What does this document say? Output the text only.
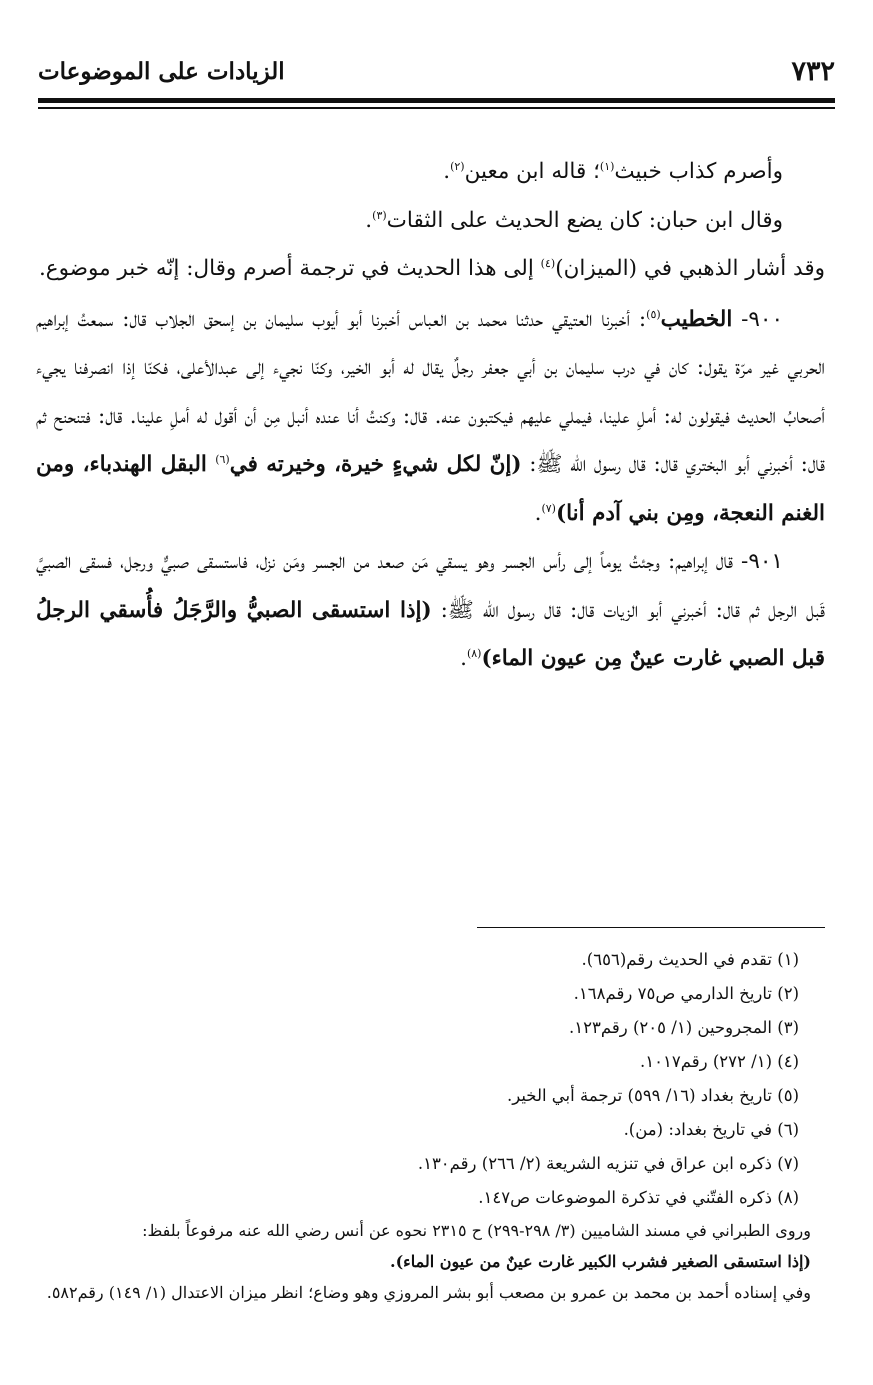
٧٣٢
الزيادات على الموضوعات

وأصرم كذاب خبيث$^{(١)}$؛ قاله ابن معين$^{(٢)}$.

وقال ابن حبان: كان يضع الحديث على الثقات$^{(٣)}$.

وقد أشار الذهبي في (الميزان)$^{(٤)}$ إلى هذا الحديث في ترجمة أصرم وقال: إنّه خبر موضوع.

٩٠٠- الخطيب$^{(٥)}$: أخبرنا العتيقي حدثنا محمد بن العباس أخبرنا أبو أيوب سليمان بن إسحق الجلاب قال: سمعتُ إبراهيم الحربي غير مرّة يقول: كان في درب سليمان بن أبي جعفر رجلٌ يقال له أبو الخير، وكنّا نجيء إلى عبدالأعلى، فكنّا إذا انصرفنا يجيء أصحابُ الحديث فيقولون له: أملِ علينا، فيملي عليهم فيكتبون عنه. قال: وكنتُ أنا عنده أنبل مِن أن أقول له أملِ علينا. قال: فتنحنح ثم قال: أخبرني أبو البختري قال: قال رسول الله ﷺ: (إنّ لكل شيءٍ خيرة، وخيرته في$^{(٦)}$ البقل الهندباء، ومن الغنم النعجة، ومِن بني آدم أنا)$^{(٧)}$.

٩٠١- قال إبراهيم: وجئتُ يوماً إلى رأس الجسر وهو يسقي مَن صعد من الجسر ومَن نزل، فاستسقى صبيٌّ ورجل، فسقى الصبيَّ قَبل الرجل ثم قال: أخبرني أبو الزيات قال: قال رسول الله ﷺ: (إذا استسقى الصبيُّ والرَّجَلُ فأُسقي الرجلُ قبل الصبي غارت عينٌ مِن عيون الماء)$^{(٨)}$.

(١) تقدم في الحديث رقم(٦٥٦).

(٢) تاريخ الدارمي ص٧٥ رقم١٦٨.

(٣) المجروحين (١/ ٢٠٥) رقم١٢٣.

(٤) (١/ ٢٧٢) رقم١٠١٧.

(٥) تاريخ بغداد (١٦/ ٥٩٩) ترجمة أبي الخير.

(٦) في تاريخ بغداد: (من).

(٧) ذكره ابن عراق في تنزيه الشريعة (٢/ ٢٦٦) رقم١٣٠.

(٨) ذكره الفتّني في تذكرة الموضوعات ص١٤٧.

وروى الطبراني في مسند الشاميين (٣/ ٢٩٨-٢٩٩) ح ٢٣١٥ نحوه عن أنس رضي الله عنه مرفوعاً بلفظ:

(إذا استسقى الصغير فشرب الكبير غارت عينٌ من عيون الماء).

وفي إسناده أحمد بن محمد بن عمرو بن مصعب أبو بشر المروزي وهو وضاع؛ انظر ميزان الاعتدال (١/ ١٤٩) رقم٥٨٢.
